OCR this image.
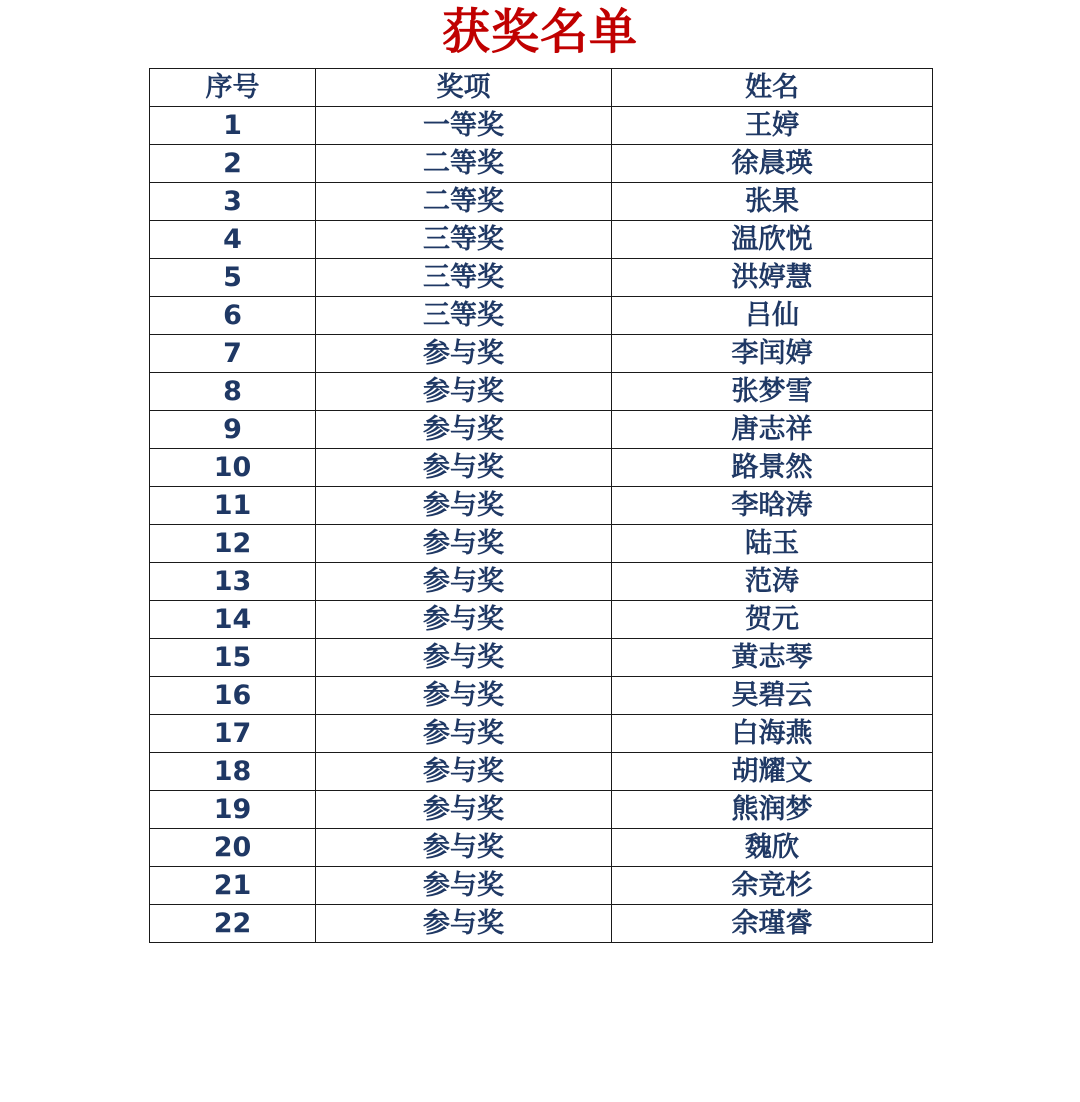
获奖名单
序号	奖项	姓名
1	一等奖	王婷
2	二等奖	徐晨瑛
3	二等奖	张果
4	三等奖	温欣悦
5	三等奖	洪婷慧
6	三等奖	吕仙
7	参与奖	李闰婷
8	参与奖	张梦雪
9	参与奖	唐志祥
10	参与奖	路景然
11	参与奖	李晗涛
12	参与奖	陆玉
13	参与奖	范涛
14	参与奖	贺元
15	参与奖	黄志琴
16	参与奖	吴碧云
17	参与奖	白海燕
18	参与奖	胡耀文
19	参与奖	熊润梦
20	参与奖	魏欣
21	参与奖	余竞杉
22	参与奖	余瑾睿
